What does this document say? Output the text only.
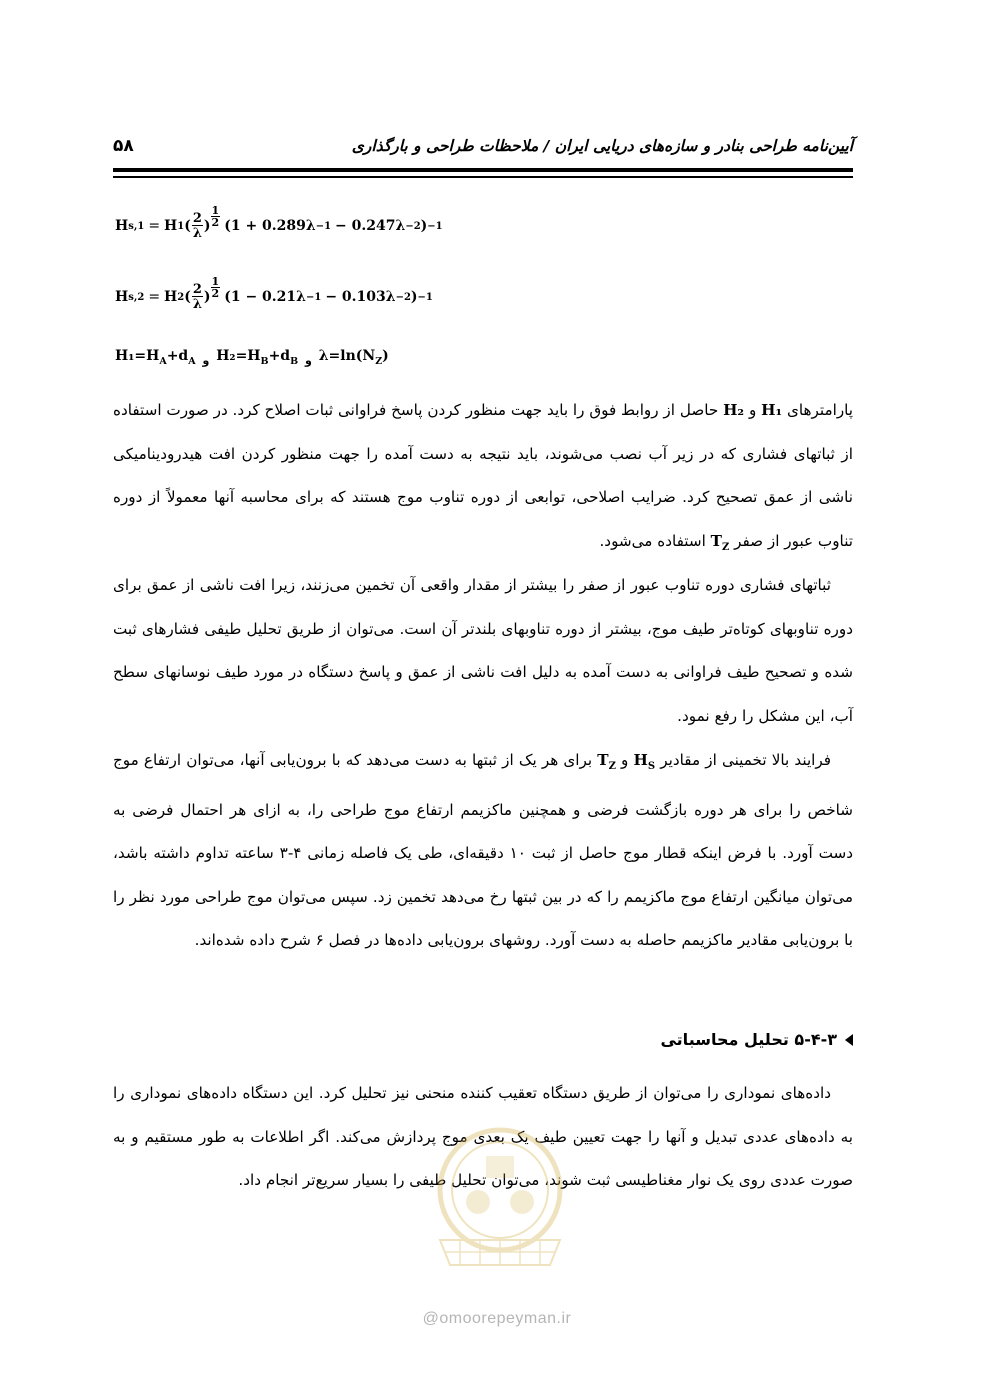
۵۸	آیین‌نامه طراحی بنادر و سازه‌های دریایی ایران / ملاحظات طراحی و بارگذاری
H s,1 = H 1 ( $\frac{2}{\lambda}$ ) $\frac{1}{2} (1 + 0.289\lambda -1 - 0.247\lambda -2$ ) −1
H s,2 = H 2 ( $\frac{2}{\lambda}$ ) $\frac{1}{2} (1 - 0.21\lambda -1 - 0.103\lambda -2$ ) −1
$H_1=H_A+d_A$ $_و$ $H_2=H_B+d_B$ $_و$ $\lambda=\ln(N_Z)$

پارامترهای H₁ و H₂ حاصل از روابط فوق را باید جهت منظور کردن پاسخ فراوانی ثبات اصلاح کرد. در صورت استفاده از ثباتهای فشاری که در زیر آب نصب می‌شوند، باید نتیجه به دست آمده را جهت منظور کردن افت هیدرودینامیکی ناشی از عمق تصحیح کرد. ضرایب اصلاحی، توابعی از دوره تناوب موج هستند که برای محاسبه آنها معمولاً از دوره تناوب عبور از صفر $T_Z$ استفاده می‌شود.

ثباتهای فشاری دوره تناوب عبور از صفر را بیشتر از مقدار واقعی آن تخمین می‌زنند، زیرا افت ناشی از عمق برای دوره تناوبهای کوتاه‌تر طیف موج، بیشتر از دوره تناوبهای بلندتر آن است. می‌توان از طریق تحلیل طیفی فشارهای ثبت شده و تصحیح طیف فراوانی به دست آمده به دلیل افت ناشی از عمق و پاسخ دستگاه در مورد طیف نوسانهای سطح آب، این مشکل را رفع نمود.

فرایند بالا تخمینی از مقادیر $H_S$ و $T_Z$ برای هر یک از ثبتها به دست می‌دهد که با برون‌یابی آنها، می‌توان ارتفاع موج شاخص را برای هر دوره بازگشت فرضی و همچنین ماکزیمم ارتفاع موج طراحی را، به ازای هر احتمال فرضی به دست آورد. با فرض اینکه قطار موج حاصل از ثبت ۱۰ دقیقه‌ای، طی یک فاصله زمانی ۴-۳ ساعته تداوم داشته باشد، می‌توان میانگین ارتفاع موج ماکزیمم را که در بین ثبتها رخ می‌دهد تخمین زد. سپس می‌توان موج طراحی مورد نظر را با برون‌یابی مقادیر ماکزیمم حاصله به دست آورد. روشهای برون‌یابی داده‌ها در فصل ۶ شرح داده شده‌اند.

۵-۴-۳ تحلیل محاسباتی

داده‌های نموداری را می‌توان از طریق دستگاه تعقیب کننده منحنی نیز تحلیل کرد. این دستگاه داده‌های نموداری را به داده‌های عددی تبدیل و آنها را جهت تعیین طیف یک بعدی موج پردازش می‌کند. اگر اطلاعات به طور مستقیم و به صورت عددی روی یک نوار مغناطیسی ثبت شوند، می‌توان تحلیل طیفی را بسیار سریع‌تر انجام داد.

@omoorepeyman.ir
